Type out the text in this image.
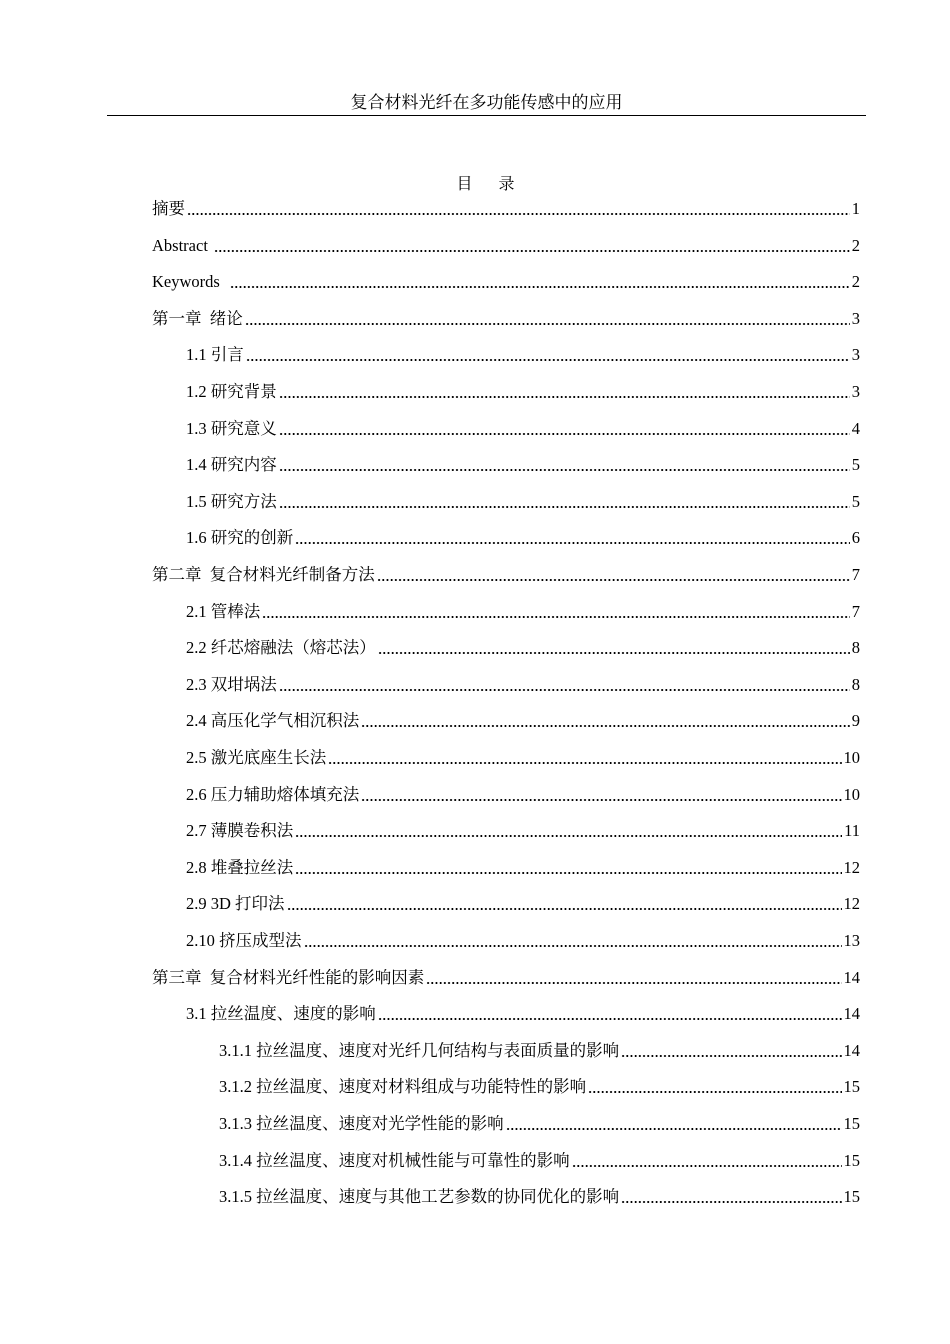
复合材料光纤在多功能传感中的应用
目    录
摘要	1
Abstract	2
Keywords	2
第一章  绪论	3
1.1 引言	3
1.2 研究背景	3
1.3 研究意义	4
1.4 研究内容	5
1.5 研究方法	5
1.6 研究的创新	6
第二章  复合材料光纤制备方法	7
2.1 管棒法	7
2.2 纤芯熔融法（熔芯法）	8
2.3 双坩埚法	8
2.4 高压化学气相沉积法	9
2.5 激光底座生长法	10
2.6 压力辅助熔体填充法	10
2.7 薄膜卷积法	11
2.8 堆叠拉丝法	12
2.9 3D 打印法	12
2.10 挤压成型法	13
第三章  复合材料光纤性能的影响因素	14
3.1 拉丝温度、速度的影响	14
3.1.1 拉丝温度、速度对光纤几何结构与表面质量的影响	14
3.1.2 拉丝温度、速度对材料组成与功能特性的影响	15
3.1.3 拉丝温度、速度对光学性能的影响	15
3.1.4 拉丝温度、速度对机械性能与可靠性的影响	15
3.1.5 拉丝温度、速度与其他工艺参数的协同优化的影响	15
